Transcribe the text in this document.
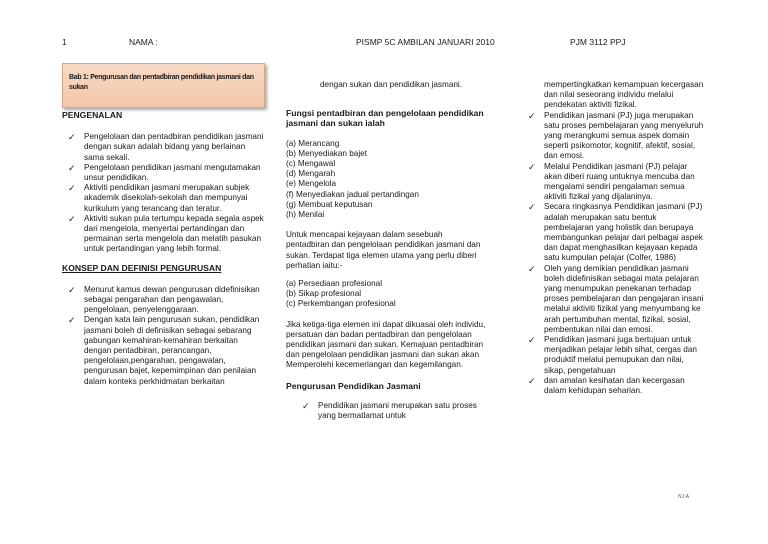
1	NAMA :	PISMP 5C AMBILAN JANUARI 2010	PJM 3112 PPJ
Bab 1: Pengurusan dan pentadbiran pendidikan jasmani dan sukan
PENGENALAN
✓ Pengelolaan dan pentadbiran pendidikan jasmani dengan sukan adalah bidang yang berlainan sama sekali.
✓ Pengelolaan pendidikan jasmani mengutamakan unsur pendidikan.
✓ Aktiviti pendidikan jasmani merupakan subjek akademik disekolah-sekolah dan mempunyai kurikulum yang terancang dan teratur.
✓ Aktiviti sukan pula tertumpu kepada segala aspek dari mengelola, menyertai pertandingan dan permainan serta mengelola dan melatih pasukan untuk pertandingan yang lebih formal.
KONSEP DAN DEFINISI PENGURUSAN
✓ Menurut kamus dewan pengurusan didefinisikan sebagai pengarahan dan pengawalan, pengelolaan, penyelenggaraan.
✓ Dengan kata lain pengurusan sukan, pendidikan jasmani boleh di definisikan sebagai sebarang gabungan kemahiran-kemahiran berkaitan dengan pentadbiran, perancangan, pengelolaan,pengarahan, pengawalan, pengurusan bajet, kepemimpinan dan penilaian dalam konteks perkhidmatan berkaitan
dengan sukan dan pendidikan jasmani.
Fungsi pentadbiran dan pengelolaan pendidikan jasmani dan sukan ialah
(a) Merancang
(b) Menyediakan bajet
(c) Mengawal
(d) Mengarah
(e) Mengelola
(f) Menyediakan jadual pertandingan
(g) Membuat keputusan
(h) Menilai
Untuk mencapai kejayaan dalam sesebuah pentadbiran dan pengelolaan pendidikan jasmani dan sukan. Terdapat tiga elemen utama yang perlu diberi perhatian iaitu:-
(a) Persediaan profesional
(b) Sikap profesional
(c) Perkembangan profesional
Jika ketiga-tiga elemen ini dapat dikuasai oleh individu, persatuan dan badan pentadbiran dan pengelolaan pendidikan jasmani dan sukan. Kemajuan pentadbiran dan pengelolaan pendidikan jasmani dan sukan akan
Memperolehi kecemerlangan dan kegemilangan.
Pengurusan Pendidikan Jasmani
✓ Pendidikan jasmani merupakan satu proses yang bermatlamat untuk
mempertingkatkan kemampuan kecergasan dan nilai seseorang individu melalui pendekatan aktiviti fizikal.
✓ Pendidikan jasmani (PJ) juga merupakan satu proses pembelajaran yang menyeluruh yang merangkumi semua aspek domain seperti psikomotor, kognitif, afektif, sosial, dan emosi.
✓ Melalui Pendidikan jasmani (PJ) pelajar akan diberi ruang untuknya mencuba dan mengalami sendiri pengalaman semua aktiviti fizikal yang dijalaninya.
✓ Secara ringkasnya Pendidikan jasmani (PJ) adalah merupakan satu bentuk pembelajaran yang holistik dan berupaya membangunkan pelajar dari pelbagai aspek dan dapat menghasilkan kejayaan kepada satu kumpulan pelajar (Colfer, 1986)
✓ Oleh yang demikian pendidikan jasmani boleh didefinisikan sebagai mata pelajaran yang menumpukan penekanan terhadap proses pembelajaran dan pengajaran insani melalui aktiviti fizikal yang menyumbang ke arah pertumbuhan mental, fizikal, sosial, pembentukan nilai dan emosi.
✓ Pendidikan jasmani juga bertujuan untuk menjadikan pelajar lebih sihat, cergas dan produktif melalui pemupukan dan nilai, sikap, pengetahuan
✓ dan amalan kesihatan dan kecergasan dalam kehidupan seharian.
N.I.A
